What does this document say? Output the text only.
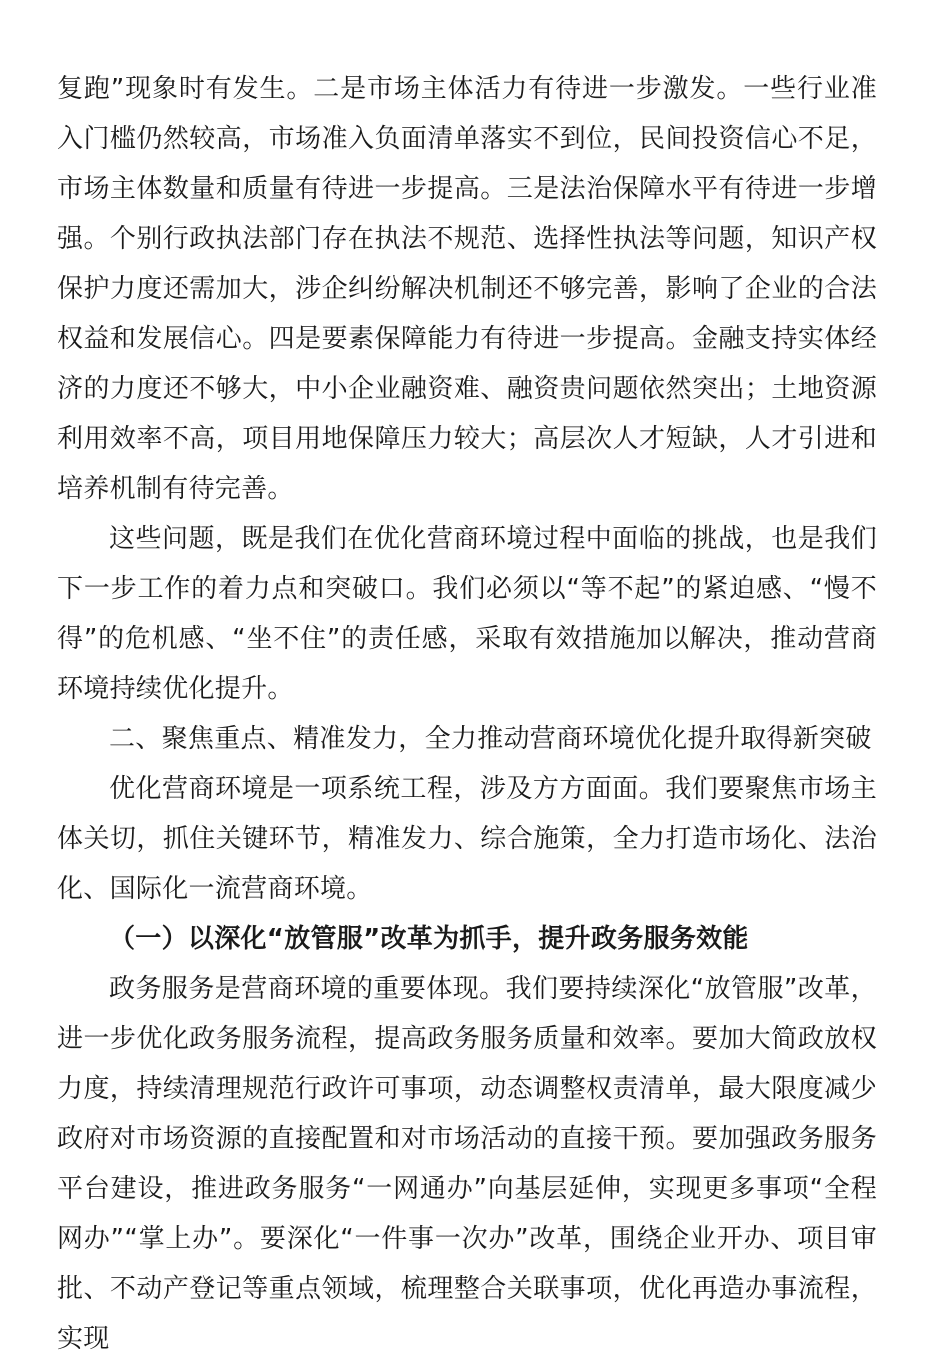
复跑”现象时有发生。二是市场主体活力有待进一步激发。一些行业准入门槛仍然较高，市场准入负面清单落实不到位，民间投资信心不足，市场主体数量和质量有待进一步提高。三是法治保障水平有待进一步增强。个别行政执法部门存在执法不规范、选择性执法等问题，知识产权保护力度还需加大，涉企纠纷解决机制还不够完善，影响了企业的合法权益和发展信心。四是要素保障能力有待进一步提高。金融支持实体经济的力度还不够大，中小企业融资难、融资贵问题依然突出；土地资源利用效率不高，项目用地保障压力较大；高层次人才短缺，人才引进和培养机制有待完善。

这些问题，既是我们在优化营商环境过程中面临的挑战，也是我们下一步工作的着力点和突破口。我们必须以“等不起”的紧迫感、“慢不得”的危机感、“坐不住”的责任感，采取有效措施加以解决，推动营商环境持续优化提升。

二、聚焦重点、精准发力，全力推动营商环境优化提升取得新突破

优化营商环境是一项系统工程，涉及方方面面。我们要聚焦市场主体关切，抓住关键环节，精准发力、综合施策，全力打造市场化、法治化、国际化一流营商环境。

（一）以深化“放管服”改革为抓手，提升政务服务效能

政务服务是营商环境的重要体现。我们要持续深化“放管服”改革，进一步优化政务服务流程，提高政务服务质量和效率。要加大简政放权力度，持续清理规范行政许可事项，动态调整权责清单，最大限度减少政府对市场资源的直接配置和对市场活动的直接干预。要加强政务服务平台建设，推进政务服务“一网通办”向基层延伸，实现更多事项“全程网办”“掌上办”。要深化“一件事一次办”改革，围绕企业开办、项目审批、不动产登记等重点领域，梳理整合关联事项，优化再造办事流程，实现
